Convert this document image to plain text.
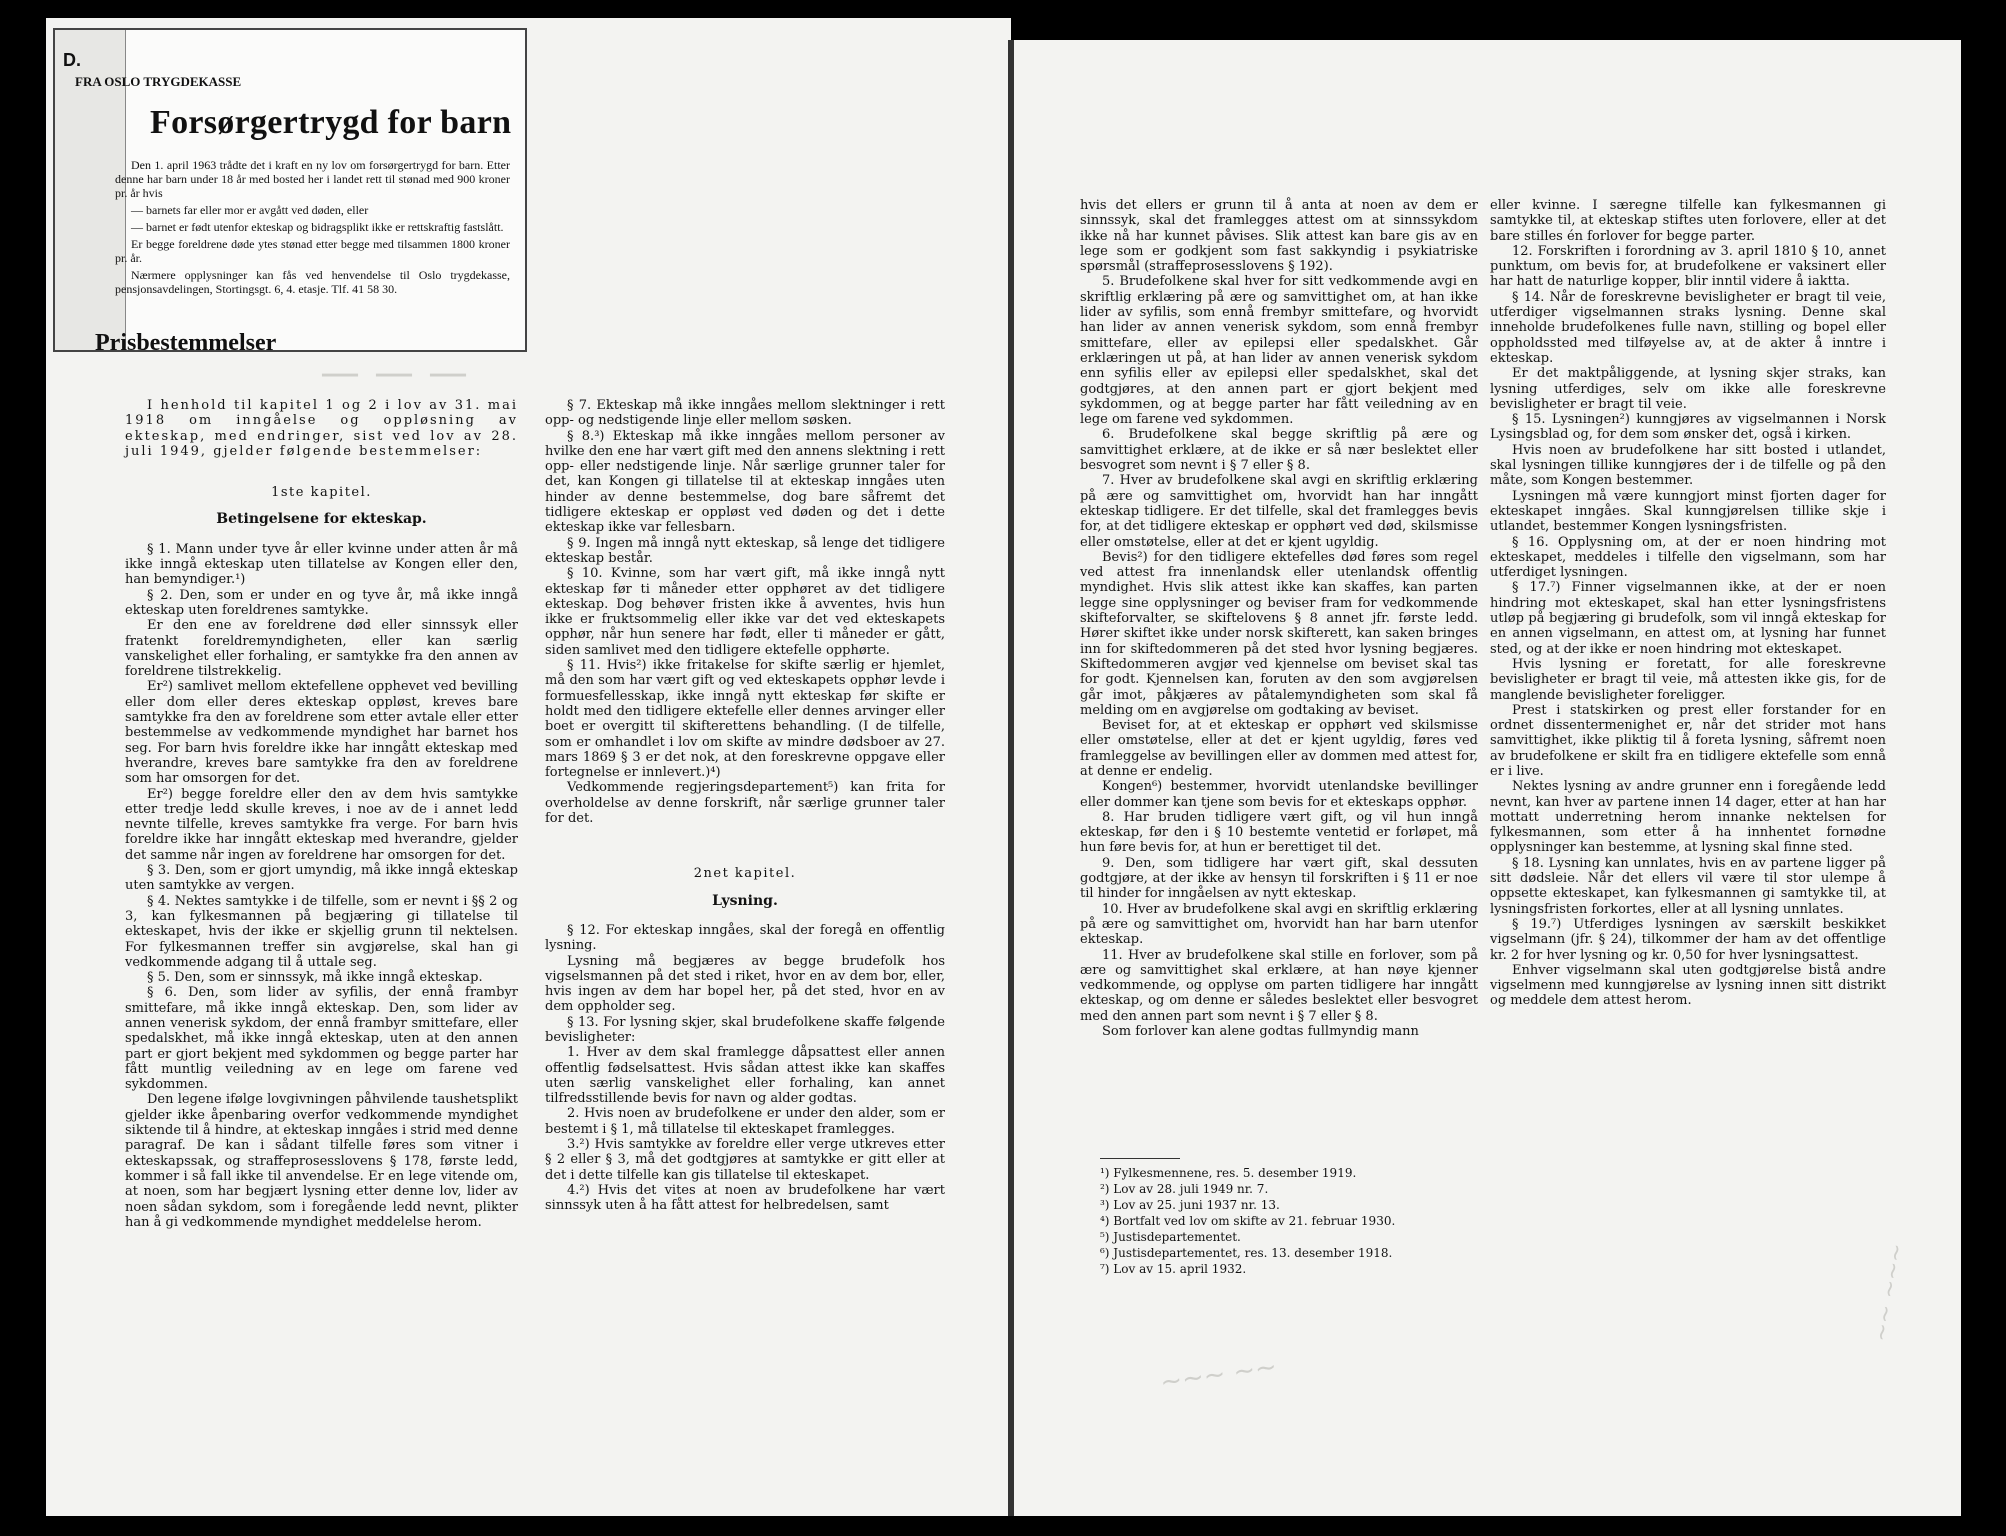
D.
FRA OSLO TRYGDEKASSE
Forsørgertrygd for barn

Den 1. april 1963 trådte det i kraft en ny lov om forsørgertrygd for barn. Etter denne har barn under 18 år med bosted her i landet rett til stønad med 900 kroner pr. år hvis

— barnets far eller mor er avgått ved døden, eller

— barnet er født utenfor ekteskap og bidragsplikt ikke er rettskraftig fastslått.

Er begge foreldrene døde ytes stønad etter begge med tilsammen 1800 kroner pr. år.

Nærmere opplysninger kan fås ved henvendelse til Oslo trygdekasse, pensjonsavdelingen, Stortingsgt. 6, 4. etasje. Tlf. 41 58 30.

Prisbestemmelser

I henhold til kapitel 1 og 2 i lov av 31. mai 1918 om inngåelse og oppløsning av ekteskap, med endringer, sist ved lov av 28. juli 1949, gjelder følgende bestemmelser:

1ste kapitel.

Betingelsene for ekteskap.

§ 1. Mann under tyve år eller kvinne under atten år må ikke inngå ekteskap uten tillatelse av Kongen eller den, han bemyndiger.¹)

§ 2. Den, som er under en og tyve år, må ikke inngå ekteskap uten foreldrenes samtykke.

Er den ene av foreldrene død eller sinnssyk eller fratenkt foreldremyndigheten, eller kan særlig vanskelighet eller forhaling, er samtykke fra den annen av foreldrene tilstrekkelig.

Er²) samlivet mellom ektefellene opphevet ved bevilling eller dom eller deres ekteskap oppløst, kreves bare samtykke fra den av foreldrene som etter avtale eller etter bestemmelse av vedkommende myndighet har barnet hos seg. For barn hvis foreldre ikke har inngått ekteskap med hverandre, kreves bare samtykke fra den av foreldrene som har omsorgen for det.

Er²) begge foreldre eller den av dem hvis samtykke etter tredje ledd skulle kreves, i noe av de i annet ledd nevnte tilfelle, kreves samtykke fra verge. For barn hvis foreldre ikke har inngått ekteskap med hverandre, gjelder det samme når ingen av foreldrene har omsorgen for det.

§ 3. Den, som er gjort umyndig, må ikke inngå ekteskap uten samtykke av vergen.

§ 4. Nektes samtykke i de tilfelle, som er nevnt i §§ 2 og 3, kan fylkesmannen på begjæring gi tillatelse til ekteskapet, hvis der ikke er skjellig grunn til nektelsen. For fylkesmannen treffer sin avgjørelse, skal han gi vedkommende adgang til å uttale seg.

§ 5. Den, som er sinnssyk, må ikke inngå ekteskap.

§ 6. Den, som lider av syfilis, der ennå frambyr smittefare, må ikke inngå ekteskap. Den, som lider av annen venerisk sykdom, der ennå frambyr smittefare, eller spedalskhet, må ikke inngå ekteskap, uten at den annen part er gjort bekjent med sykdommen og begge parter har fått muntlig veiledning av en lege om farene ved sykdommen.

Den legene ifølge lovgivningen påhvilende taushetsplikt gjelder ikke åpenbaring overfor vedkommende myndighet siktende til å hindre, at ekteskap inngåes i strid med denne paragraf. De kan i sådant tilfelle føres som vitner i ekteskapssak, og straffeprosesslovens § 178, første ledd, kommer i så fall ikke til anvendelse. Er en lege vitende om, at noen, som har begjært lysning etter denne lov, lider av noen sådan sykdom, som i foregående ledd nevnt, plikter han å gi vedkommende myndighet meddelelse herom.

§ 7. Ekteskap må ikke inngåes mellom slektninger i rett opp- og nedstigende linje eller mellom søsken.

§ 8.³) Ekteskap må ikke inngåes mellom personer av hvilke den ene har vært gift med den annens slektning i rett opp- eller nedstigende linje. Når særlige grunner taler for det, kan Kongen gi tillatelse til at ekteskap inngåes uten hinder av denne bestemmelse, dog bare såfremt det tidligere ekteskap er oppløst ved døden og det i dette ekteskap ikke var fellesbarn.

§ 9. Ingen må inngå nytt ekteskap, så lenge det tidligere ekteskap består.

§ 10. Kvinne, som har vært gift, må ikke inngå nytt ekteskap før ti måneder etter opphøret av det tidligere ekteskap. Dog behøver fristen ikke å avventes, hvis hun ikke er fruktsommelig eller ikke var det ved ekteskapets opphør, når hun senere har født, eller ti måneder er gått, siden samlivet med den tidligere ektefelle opphørte.

§ 11. Hvis²) ikke fritakelse for skifte særlig er hjemlet, må den som har vært gift og ved ekteskapets opphør levde i formuesfellesskap, ikke inngå nytt ekteskap før skifte er holdt med den tidligere ektefelle eller dennes arvinger eller boet er overgitt til skifterettens behandling. (I de tilfelle, som er omhandlet i lov om skifte av mindre dødsboer av 27. mars 1869 § 3 er det nok, at den foreskrevne oppgave eller fortegnelse er innlevert.)⁴)

Vedkommende regjeringsdepartement⁵) kan frita for overholdelse av denne forskrift, når særlige grunner taler for det.

2net kapitel.

Lysning.

§ 12. For ekteskap inngåes, skal der foregå en offentlig lysning.

Lysning må begjæres av begge brudefolk hos vigselsmannen på det sted i riket, hvor en av dem bor, eller, hvis ingen av dem har bopel her, på det sted, hvor en av dem oppholder seg.

§ 13. For lysning skjer, skal brudefolkene skaffe følgende bevisligheter:

1. Hver av dem skal framlegge dåpsattest eller annen offentlig fødselsattest. Hvis sådan attest ikke kan skaffes uten særlig vanskelighet eller forhaling, kan annet tilfredsstillende bevis for navn og alder godtas.

2. Hvis noen av brudefolkene er under den alder, som er bestemt i § 1, må tillatelse til ekteskapet framlegges.

3.²) Hvis samtykke av foreldre eller verge utkreves etter § 2 eller § 3, må det godtgjøres at samtykke er gitt eller at det i dette tilfelle kan gis tillatelse til ekteskapet.

4.²) Hvis det vites at noen av brudefolkene har vært sinnssyk uten å ha fått attest for helbredelsen, samt

hvis det ellers er grunn til å anta at noen av dem er sinnssyk, skal det framlegges attest om at sinnssykdom ikke nå har kunnet påvises. Slik attest kan bare gis av en lege som er godkjent som fast sakkyndig i psykiatriske spørsmål (straffeprosesslovens § 192).

5. Brudefolkene skal hver for sitt vedkommende avgi en skriftlig erklæring på ære og samvittighet om, at han ikke lider av syfilis, som ennå frembyr smittefare, og hvorvidt han lider av annen venerisk sykdom, som ennå frembyr smittefare, eller av epilepsi eller spedalskhet. Går erklæringen ut på, at han lider av annen venerisk sykdom enn syfilis eller av epilepsi eller spedalskhet, skal det godtgjøres, at den annen part er gjort bekjent med sykdommen, og at begge parter har fått veiledning av en lege om farene ved sykdommen.

6. Brudefolkene skal begge skriftlig på ære og samvittighet erklære, at de ikke er så nær beslektet eller besvogret som nevnt i § 7 eller § 8.

7. Hver av brudefolkene skal avgi en skriftlig erklæring på ære og samvittighet om, hvorvidt han har inngått ekteskap tidligere. Er det tilfelle, skal det framlegges bevis for, at det tidligere ekteskap er opphørt ved død, skilsmisse eller omstøtelse, eller at det er kjent ugyldig.

Bevis²) for den tidligere ektefelles død føres som regel ved attest fra innenlandsk eller utenlandsk offentlig myndighet. Hvis slik attest ikke kan skaffes, kan parten legge sine opplysninger og beviser fram for vedkommende skifteforvalter, se skiftelovens § 8 annet jfr. første ledd. Hører skiftet ikke under norsk skifterett, kan saken bringes inn for skiftedommeren på det sted hvor lysning begjæres. Skiftedommeren avgjør ved kjennelse om beviset skal tas for godt. Kjennelsen kan, foruten av den som avgjørelsen går imot, påkjæres av påtalemyndigheten som skal få melding om en avgjørelse om godtaking av beviset.

Beviset for, at et ekteskap er opphørt ved skilsmisse eller omstøtelse, eller at det er kjent ugyldig, føres ved framleggelse av bevillingen eller av dommen med attest for, at denne er endelig.

Kongen⁶) bestemmer, hvorvidt utenlandske bevillinger eller dommer kan tjene som bevis for et ekteskaps opphør.

8. Har bruden tidligere vært gift, og vil hun inngå ekteskap, før den i § 10 bestemte ventetid er forløpet, må hun føre bevis for, at hun er berettiget til det.

9. Den, som tidligere har vært gift, skal dessuten godtgjøre, at der ikke av hensyn til forskriften i § 11 er noe til hinder for inngåelsen av nytt ekteskap.

10. Hver av brudefolkene skal avgi en skriftlig erklæring på ære og samvittighet om, hvorvidt han har barn utenfor ekteskap.

11. Hver av brudefolkene skal stille en forlover, som på ære og samvittighet skal erklære, at han nøye kjenner vedkommende, og opplyse om parten tidligere har inngått ekteskap, og om denne er således beslektet eller besvogret med den annen part som nevnt i § 7 eller § 8.

Som forlover kan alene godtas fullmyndig mann

¹) Fylkesmennene, res. 5. desember 1919.
²) Lov av 28. juli 1949 nr. 7.
³) Lov av 25. juni 1937 nr. 13.
⁴) Bortfalt ved lov om skifte av 21. februar 1930.
⁵) Justisdepartementet.
⁶) Justisdepartementet, res. 13. desember 1918.
⁷) Lov av 15. april 1932.

eller kvinne. I særegne tilfelle kan fylkesmannen gi samtykke til, at ekteskap stiftes uten forlovere, eller at det bare stilles én forlover for begge parter.

12. Forskriften i forordning av 3. april 1810 § 10, annet punktum, om bevis for, at brudefolkene er vaksinert eller har hatt de naturlige kopper, blir inntil videre å iaktta.

§ 14. Når de foreskrevne bevisligheter er bragt til veie, utferdiger vigselmannen straks lysning. Denne skal inneholde brudefolkenes fulle navn, stilling og bopel eller oppholdssted med tilføyelse av, at de akter å inntre i ekteskap.

Er det maktpåliggende, at lysning skjer straks, kan lysning utferdiges, selv om ikke alle foreskrevne bevisligheter er bragt til veie.

§ 15. Lysningen²) kunngjøres av vigselmannen i Norsk Lysingsblad og, for dem som ønsker det, også i kirken.

Hvis noen av brudefolkene har sitt bosted i utlandet, skal lysningen tillike kunngjøres der i de tilfelle og på den måte, som Kongen bestemmer.

Lysningen må være kunngjort minst fjorten dager for ekteskapet inngåes. Skal kunngjørelsen tillike skje i utlandet, bestemmer Kongen lysningsfristen.

§ 16. Opplysning om, at der er noen hindring mot ekteskapet, meddeles i tilfelle den vigselmann, som har utferdiget lysningen.

§ 17.⁷) Finner vigselmannen ikke, at der er noen hindring mot ekteskapet, skal han etter lysningsfristens utløp på begjæring gi brudefolk, som vil inngå ekteskap for en annen vigselmann, en attest om, at lysning har funnet sted, og at der ikke er noen hindring mot ekteskapet.

Hvis lysning er foretatt, for alle foreskrevne bevisligheter er bragt til veie, må attesten ikke gis, for de manglende bevisligheter foreligger.

Prest i statskirken og prest eller forstander for en ordnet dissentermenighet er, når det strider mot hans samvittighet, ikke pliktig til å foreta lysning, såfremt noen av brudefolkene er skilt fra en tidligere ektefelle som ennå er i live.

Nektes lysning av andre grunner enn i foregående ledd nevnt, kan hver av partene innen 14 dager, etter at han har mottatt underretning herom innanke nektelsen for fylkesmannen, som etter å ha innhentet fornødne opplysninger kan bestemme, at lysning skal finne sted.

§ 18. Lysning kan unnlates, hvis en av partene ligger på sitt dødsleie. Når det ellers vil være til stor ulempe å oppsette ekteskapet, kan fylkesmannen gi samtykke til, at lysningsfristen forkortes, eller at all lysning unnlates.

§ 19.⁷) Utferdiges lysningen av særskilt beskikket vigselmann (jfr. § 24), tilkommer der ham av det offentlige kr. 2 for hver lysning og kr. 0,50 for hver lysningsattest.

Enhver vigselmann skal uten godtgjørelse bistå andre vigselmenn med kunngjørelse av lysning innen sitt distrikt og meddele dem attest herom.

———
~~~ ~~
~~ ~~~
